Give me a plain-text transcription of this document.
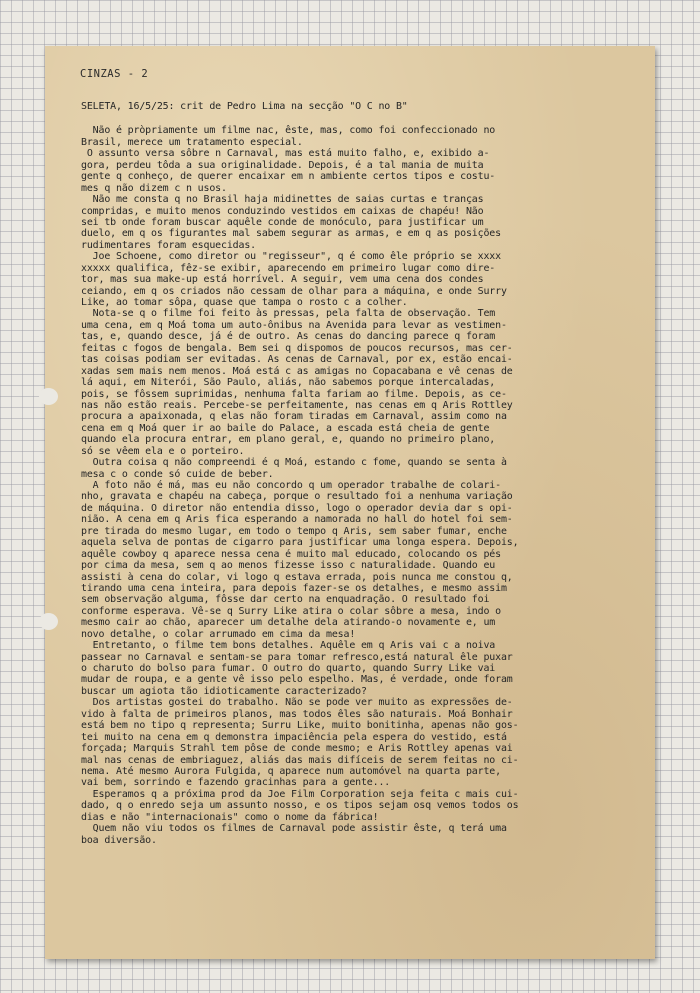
CINZAS - 2
SELETA, 16/5/25: crit de Pedro Lima na secção "O C no B"
Não é pròpriamente um filme nac, êste, mas, como foi confeccionado no
Brasil, merece um tratamento especial.
O assunto versa sôbre n Carnaval, mas está muito falho, e, exibido a-
gora, perdeu tôda a sua originalidade. Depois, é a tal mania de muita
gente q conheço, de querer encaixar em n ambiente certos tipos e costu-
mes q não dizem c n usos.
Não me consta q no Brasil haja midinettes de saias curtas e tranças
compridas, e muito menos conduzindo vestidos em caixas de chapéu! Não
sei tb onde foram buscar aquêle conde de monóculo, para justificar um
duelo, em q os figurantes mal sabem segurar as armas, e em q as posições
rudimentares foram esquecidas.
Joe Schoene, como diretor ou "regisseur", q é como êle próprio se xxxx
xxxxx qualifica, fêz-se exibir, aparecendo em primeiro lugar como dire-
tor, mas sua make-up está horrível. A seguir, vem uma cena dos condes
ceiando, em q os criados não cessam de olhar para a máquina, e onde Surry
Like, ao tomar sôpa, quase que tampa o rosto c a colher.
Nota-se q o filme foi feito às pressas, pela falta de observação. Tem
uma cena, em q Moá toma um auto-ônibus na Avenida para levar as vestimen-
tas, e, quando desce, já é de outro. As cenas do dancing parece q foram
feitas c fogos de bengala. Bem sei q dispomos de poucos recursos, mas cer-
tas coisas podiam ser evitadas. As cenas de Carnaval, por ex, estão encai-
xadas sem mais nem menos. Moá está c as amigas no Copacabana e vê cenas de
lá aqui, em Niterói, São Paulo, aliás, não sabemos porque intercaladas,
pois, se fôssem suprimidas, nenhuma falta fariam ao filme. Depois, as ce-
nas não estão reais. Percebe-se perfeitamente, nas cenas em q Aris Rottley
procura a apaixonada, q elas não foram tiradas em Carnaval, assim como na
cena em q Moá quer ir ao baile do Palace, a escada está cheia de gente
quando ela procura entrar, em plano geral, e, quando no primeiro plano,
só se vêem ela e o porteiro.
Outra coisa q não compreendi é q Moá, estando c fome, quando se senta à
mesa c o conde só cuide de beber.
A foto não é má, mas eu não concordo q um operador trabalhe de colari-
nho, gravata e chapéu na cabeça, porque o resultado foi a nenhuma variação
de máquina. O diretor não entendia disso, logo o operador devia dar s opi-
nião. A cena em q Aris fica esperando a namorada no hall do hotel foi sem-
pre tirada do mesmo lugar, em todo o tempo q Aris, sem saber fumar, enche
aquela selva de pontas de cigarro para justificar uma longa espera. Depois,
aquêle cowboy q aparece nessa cena é muito mal educado, colocando os pés
por cima da mesa, sem q ao menos fizesse isso c naturalidade. Quando eu
assisti à cena do colar, vi logo q estava errada, pois nunca me constou q,
tirando uma cena inteira, para depois fazer-se os detalhes, e mesmo assim
sem observação alguma, fôsse dar certo na enquadração. O resultado foi
conforme esperava. Vê-se q Surry Like atira o colar sôbre a mesa, indo o
mesmo cair ao chão, aparecer um detalhe dela atirando-o novamente e, um
novo detalhe, o colar arrumado em cima da mesa!
Entretanto, o filme tem bons detalhes. Aquêle em q Aris vai c a noiva
passear no Carnaval e sentam-se para tomar refresco,está natural êle puxar
o charuto do bolso para fumar. O outro do quarto, quando Surry Like vai
mudar de roupa, e a gente vê isso pelo espelho. Mas, é verdade, onde foram
buscar um agiota tão idioticamente caracterizado?
Dos artistas gostei do trabalho. Não se pode ver muito as expressões de-
vido à falta de primeiros planos, mas todos êles são naturais. Moá Bonhair
está bem no tipo q representa; Surru Like, muito bonitinha, apenas não gos-
tei muito na cena em q demonstra impaciência pela espera do vestido, está
forçada; Marquis Strahl tem pôse de conde mesmo; e Aris Rottley apenas vai
mal nas cenas de embriaguez, aliás das mais difíceis de serem feitas no ci-
nema. Até mesmo Aurora Fulgida, q aparece num automóvel na quarta parte,
vai bem, sorrindo e fazendo gracinhas para a gente...
Esperamos q a próxima prod da Joe Film Corporation seja feita c mais cui-
dado, q o enredo seja um assunto nosso, e os tipos sejam osq vemos todos os
dias e não "internacionais" como o nome da fábrica!
Quem não viu todos os filmes de Carnaval pode assistir êste, q terá uma
boa diversão.
